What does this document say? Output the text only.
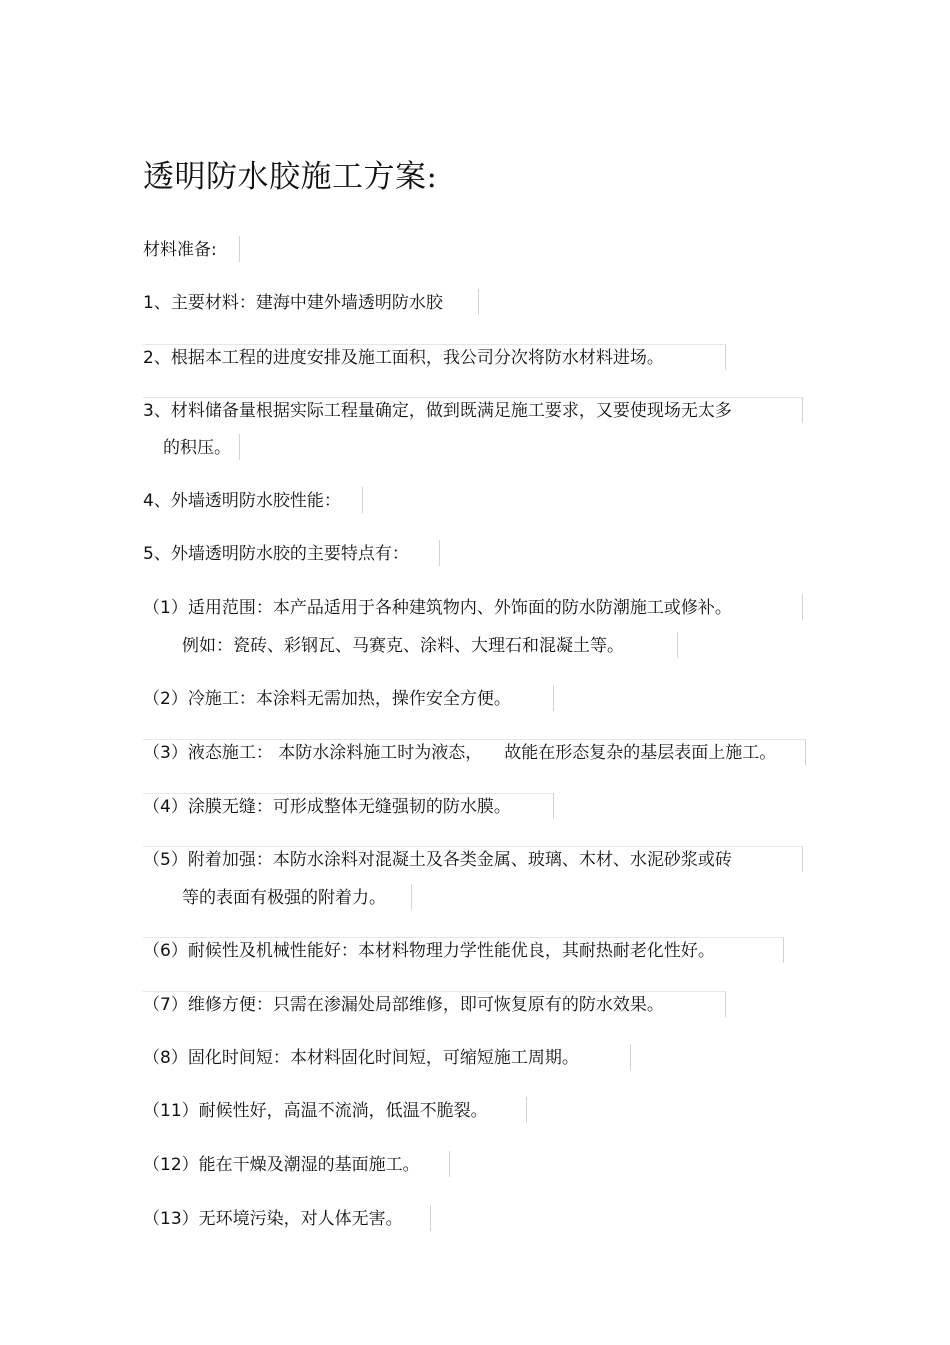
透明防水胶施工方案:
材料准备:
1、主要材料：建海中建外墙透明防水胶
2、根据本工程的进度安排及施工面积，我公司分次将防水材料进场。
3、材料储备量根据实际工程量确定，做到既满足施工要求，又要使现场无太多
的积压。
4、外墙透明防水胶性能：
5、外墙透明防水胶的主要特点有：
（1）适用范围：本产品适用于各种建筑物内、外饰面的防水防潮施工或修补。
例如：瓷砖、彩钢瓦、马赛克、涂料、大理石和混凝土等。
（2）冷施工：本涂料无需加热，操作安全方便。
（3）液态施工： 本防水涂料施工时为液态， 故能在形态复杂的基层表面上施工。
（4）涂膜无缝：可形成整体无缝强韧的防水膜。
（5）附着加强：本防水涂料对混凝土及各类金属、玻璃、木材、水泥砂浆或砖
等的表面有极强的附着力。
（6）耐候性及机械性能好：本材料物理力学性能优良，其耐热耐老化性好。
（7）维修方便：只需在渗漏处局部维修，即可恢复原有的防水效果。
（8）固化时间短：本材料固化时间短，可缩短施工周期。
（11）耐候性好，高温不流淌，低温不脆裂。
（12）能在干燥及潮湿的基面施工。
（13）无环境污染，对人体无害。
